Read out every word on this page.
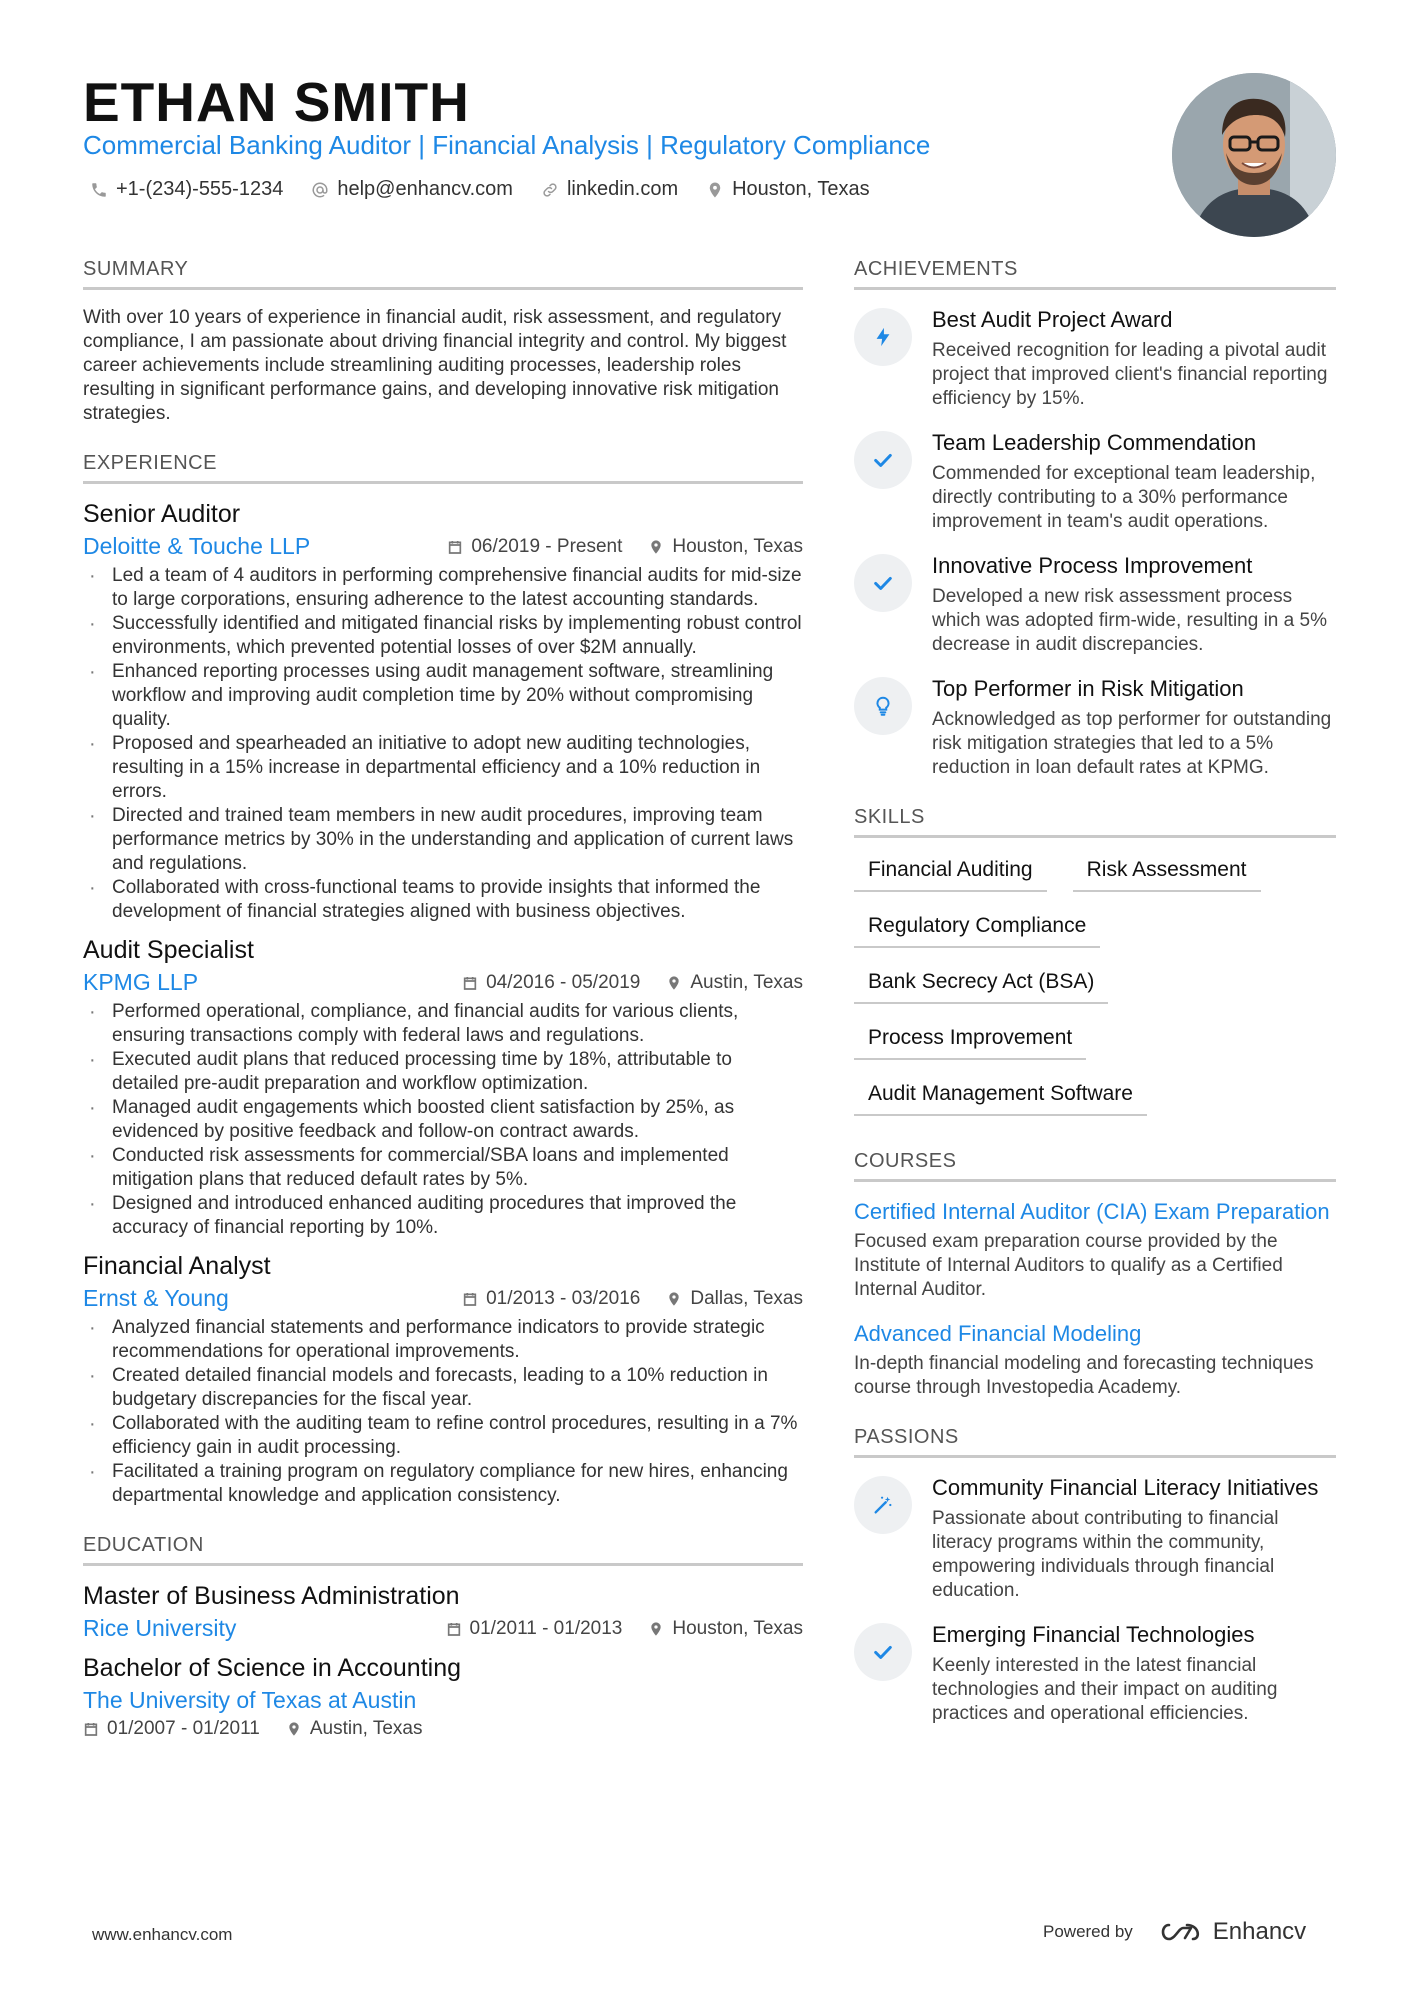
ETHAN SMITH
Commercial Banking Auditor | Financial Analysis | Regulatory Compliance
+1-(234)-555-1234	help@enhancv.com	linkedin.com	Houston, Texas
SUMMARY
With over 10 years of experience in financial audit, risk assessment, and regulatory compliance, I am passionate about driving financial integrity and control. My biggest career achievements include streamlining auditing processes, leadership roles resulting in significant performance gains, and developing innovative risk mitigation strategies.
EXPERIENCE
Senior Auditor
Deloitte & Touche LLP	06/2019 - Present	Houston, Texas
· Led a team of 4 auditors in performing comprehensive financial audits for mid-size to large corporations, ensuring adherence to the latest accounting standards.
· Successfully identified and mitigated financial risks by implementing robust control environments, which prevented potential losses of over $2M annually.
· Enhanced reporting processes using audit management software, streamlining workflow and improving audit completion time by 20% without compromising quality.
· Proposed and spearheaded an initiative to adopt new auditing technologies, resulting in a 15% increase in departmental efficiency and a 10% reduction in errors.
· Directed and trained team members in new audit procedures, improving team performance metrics by 30% in the understanding and application of current laws and regulations.
· Collaborated with cross-functional teams to provide insights that informed the development of financial strategies aligned with business objectives.
Audit Specialist
KPMG LLP	04/2016 - 05/2019	Austin, Texas
· Performed operational, compliance, and financial audits for various clients, ensuring transactions comply with federal laws and regulations.
· Executed audit plans that reduced processing time by 18%, attributable to detailed pre-audit preparation and workflow optimization.
· Managed audit engagements which boosted client satisfaction by 25%, as evidenced by positive feedback and follow-on contract awards.
· Conducted risk assessments for commercial/SBA loans and implemented mitigation plans that reduced default rates by 5%.
· Designed and introduced enhanced auditing procedures that improved the accuracy of financial reporting by 10%.
Financial Analyst
Ernst & Young	01/2013 - 03/2016	Dallas, Texas
· Analyzed financial statements and performance indicators to provide strategic recommendations for operational improvements.
· Created detailed financial models and forecasts, leading to a 10% reduction in budgetary discrepancies for the fiscal year.
· Collaborated with the auditing team to refine control procedures, resulting in a 7% efficiency gain in audit processing.
· Facilitated a training program on regulatory compliance for new hires, enhancing departmental knowledge and application consistency.
EDUCATION
Master of Business Administration
Rice University	01/2011 - 01/2013	Houston, Texas
Bachelor of Science in Accounting
The University of Texas at Austin
01/2007 - 01/2011	Austin, Texas
ACHIEVEMENTS
Best Audit Project Award
Received recognition for leading a pivotal audit project that improved client's financial reporting efficiency by 15%.
Team Leadership Commendation
Commended for exceptional team leadership, directly contributing to a 30% performance improvement in team's audit operations.
Innovative Process Improvement
Developed a new risk assessment process which was adopted firm-wide, resulting in a 5% decrease in audit discrepancies.
Top Performer in Risk Mitigation
Acknowledged as top performer for outstanding risk mitigation strategies that led to a 5% reduction in loan default rates at KPMG.
SKILLS
Financial Auditing	Risk Assessment
Regulatory Compliance
Bank Secrecy Act (BSA)
Process Improvement
Audit Management Software
COURSES
Certified Internal Auditor (CIA) Exam Preparation
Focused exam preparation course provided by the Institute of Internal Auditors to qualify as a Certified Internal Auditor.
Advanced Financial Modeling
In-depth financial modeling and forecasting techniques course through Investopedia Academy.
PASSIONS
Community Financial Literacy Initiatives
Passionate about contributing to financial literacy programs within the community, empowering individuals through financial education.
Emerging Financial Technologies
Keenly interested in the latest financial technologies and their impact on auditing practices and operational efficiencies.
www.enhancv.com	Powered by	Enhancv
